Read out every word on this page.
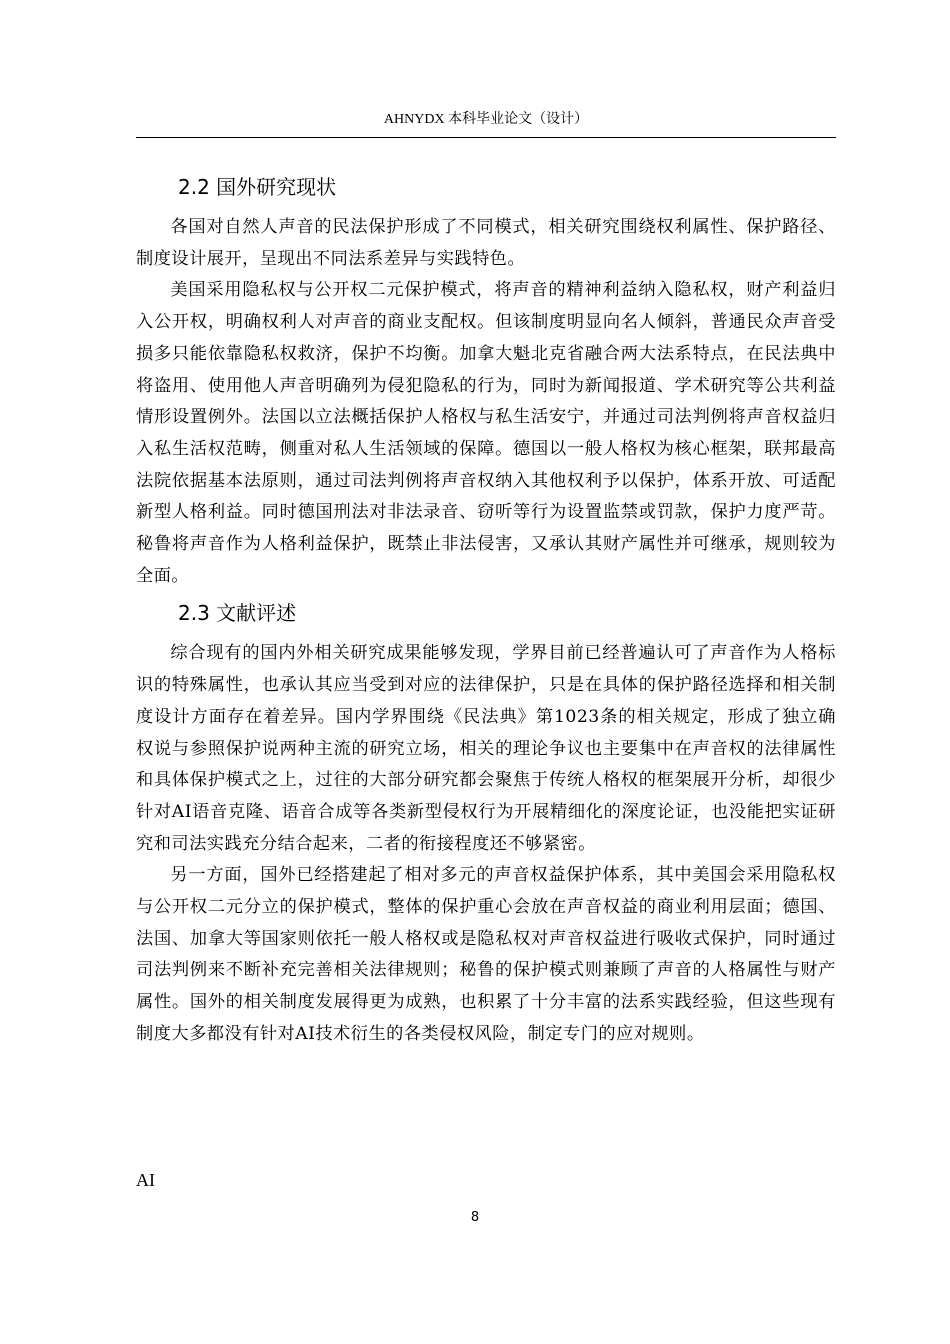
AHNYDX 本科毕业论文（设计）
2.2 国外研究现状

各国对自然人声音的民法保护形成了不同模式，相关研究围绕权利属性、保护路径、制度设计展开，呈现出不同法系差异与实践特色。

美国采用隐私权与公开权二元保护模式，将声音的精神利益纳入隐私权，财产利益归入公开权，明确权利人对声音的商业支配权。但该制度明显向名人倾斜，普通民众声音受损多只能依靠隐私权救济，保护不均衡。加拿大魁北克省融合两大法系特点，在民法典中将盗用、使用他人声音明确列为侵犯隐私的行为，同时为新闻报道、学术研究等公共利益情形设置例外。法国以立法概括保护人格权与私生活安宁，并通过司法判例将声音权益归入私生活权范畴，侧重对私人生活领域的保障。德国以一般人格权为核心框架，联邦最高法院依据基本法原则，通过司法判例将声音权纳入其他权利予以保护，体系开放、可适配新型人格利益。同时德国刑法对非法录音、窃听等行为设置监禁或罚款，保护力度严苛。秘鲁将声音作为人格利益保护，既禁止非法侵害，又承认其财产属性并可继承，规则较为全面。

2.3 文献评述

综合现有的国内外相关研究成果能够发现，学界目前已经普遍认可了声音作为人格标识的特殊属性，也承认其应当受到对应的法律保护，只是在具体的保护路径选择和相关制度设计方面存在着差异。国内学界围绕《民法典》第1023条的相关规定，形成了独立确权说与参照保护说两种主流的研究立场，相关的理论争议也主要集中在声音权的法律属性和具体保护模式之上，过往的大部分研究都会聚焦于传统人格权的框架展开分析，却很少针对AI语音克隆、语音合成等各类新型侵权行为开展精细化的深度论证，也没能把实证研究和司法实践充分结合起来，二者的衔接程度还不够紧密。

另一方面，国外已经搭建起了相对多元的声音权益保护体系，其中美国会采用隐私权与公开权二元分立的保护模式，整体的保护重心会放在声音权益的商业利用层面；德国、法国、加拿大等国家则依托一般人格权或是隐私权对声音权益进行吸收式保护，同时通过司法判例来不断补充完善相关法律规则；秘鲁的保护模式则兼顾了声音的人格属性与财产属性。国外的相关制度发展得更为成熟，也积累了十分丰富的法系实践经验，但这些现有制度大多都没有针对AI技术衍生的各类侵权风险，制定专门的应对规则。

AI
8
